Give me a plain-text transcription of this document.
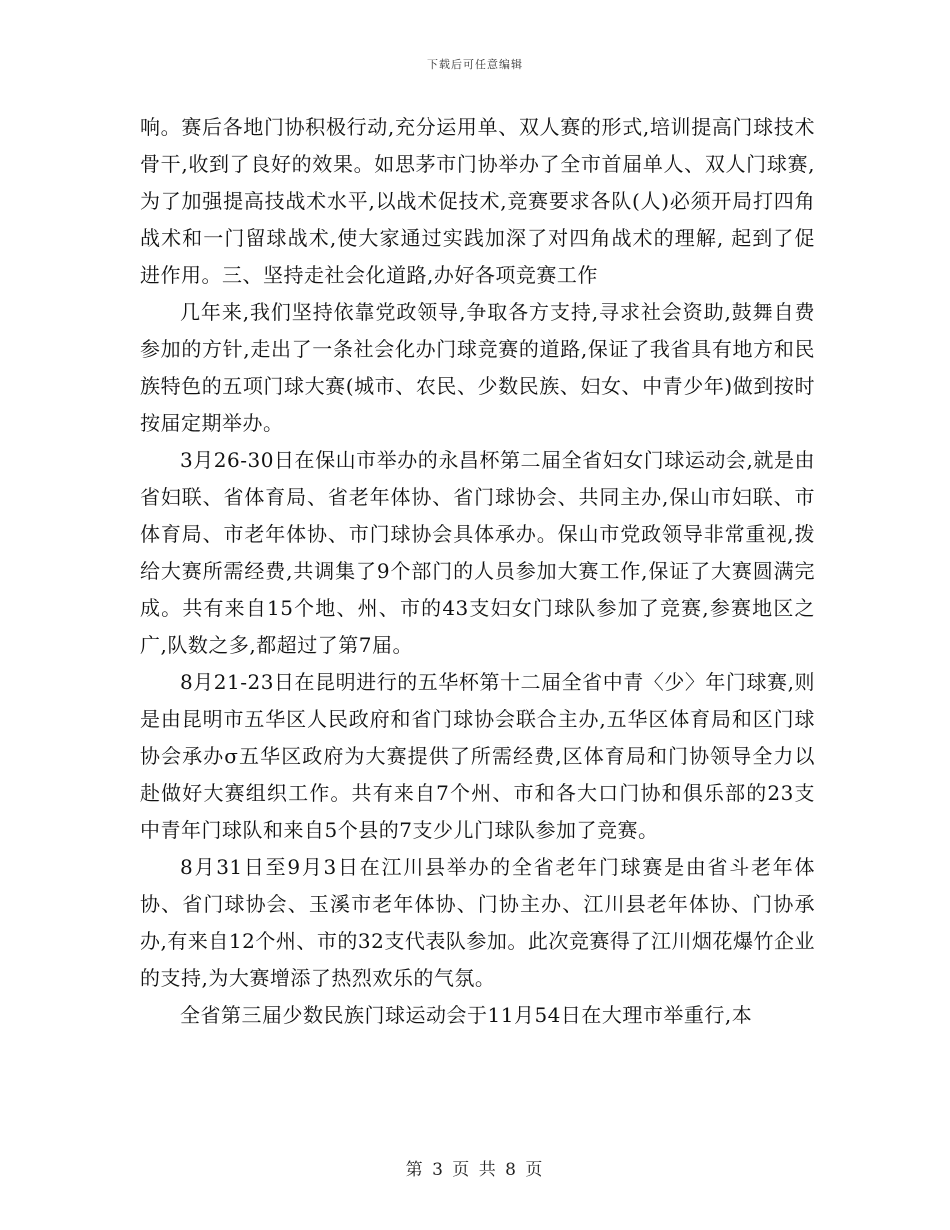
下载后可任意编辑

响。赛后各地门协积极行动,充分运用单、双人赛的形式,培训提高门球技术骨干,收到了良好的效果。如思茅市门协举办了全市首届单人、双人门球赛,为了加强提高技战术水平,以战术促技术,竞赛要求各队(人)必须开局打四角战术和一门留球战术,使大家通过实践加深了对四角战术的理解, 起到了促进作用。三、坚持走社会化道路,办好各项竞赛工作

几年来,我们坚持依靠党政领导,争取各方支持,寻求社会资助,鼓舞自费参加的方针,走出了一条社会化办门球竞赛的道路,保证了我省具有地方和民族特色的五项门球大赛(城市、农民、少数民族、妇女、中青少年)做到按时按届定期举办。

3月26-30日在保山市举办的永昌杯第二届全省妇女门球运动会,就是由省妇联、省体育局、省老年体协、省门球协会、共同主办,保山市妇联、市体育局、市老年体协、市门球协会具体承办。保山市党政领导非常重视,拨给大赛所需经费,共调集了9个部门的人员参加大赛工作,保证了大赛圆满完成。共有来自15个地、州、市的43支妇女门球队参加了竞赛,参赛地区之广,队数之多,都超过了第7届。

8月21-23日在昆明进行的五华杯第十二届全省中青〈少〉年门球赛,则是由昆明市五华区人民政府和省门球协会联合主办,五华区体育局和区门球协会承办σ五华区政府为大赛提供了所需经费,区体育局和门协领导全力以赴做好大赛组织工作。共有来自7个州、市和各大口门协和俱乐部的23支中青年门球队和来自5个县的7支少儿门球队参加了竞赛。

8月31日至9月3日在江川县举办的全省老年门球赛是由省斗老年体协、省门球协会、玉溪市老年体协、门协主办、江川县老年体协、门协承办,有来自12个州、市的32支代表队参加。此次竞赛得了江川烟花爆竹企业的支持,为大赛增添了热烈欢乐的气氛。

全省第三届少数民族门球运动会于11月54日在大理市举重行,本

第 3 页 共 8 页
